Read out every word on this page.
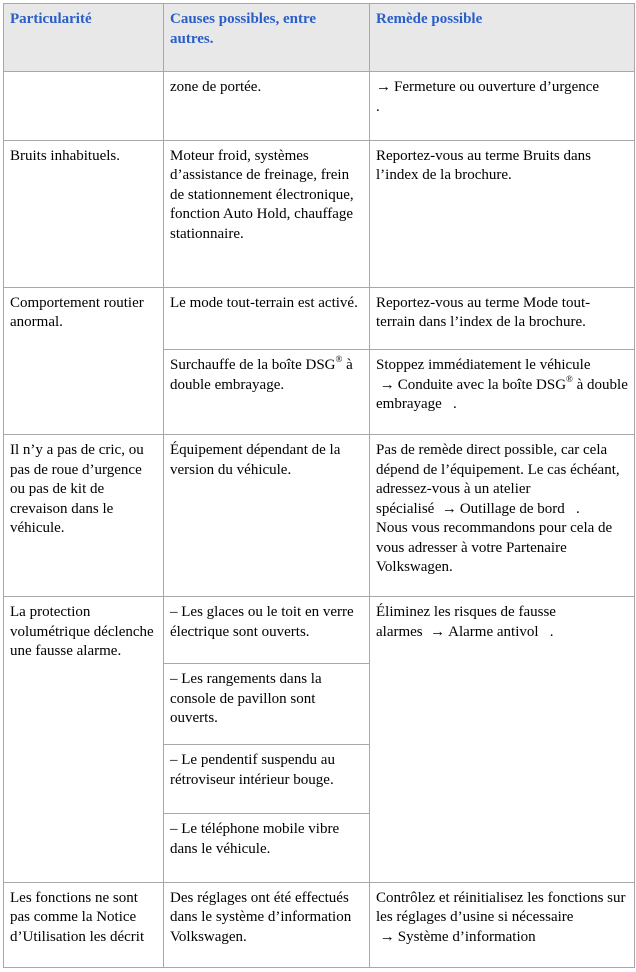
Particularité	Causes possibles, entre autres.	Remède possible
	zone de portée.	→ Fermeture ou ouverture d’urgence
.

Bruits inhabituels.	Moteur froid, systèmes d’assistance de freinage, frein de stationnement électronique, fonction Auto Hold, chauffage stationnaire.	Reportez-vous au terme Bruits dans l’index de la brochure.
Comportement routier anormal.	Le mode tout-terrain est activé.	Reportez-vous au terme Mode tout-terrain dans l’index de la brochure.
	Surchauffe de la boîte DSG® à double embrayage.	Stoppez immédiatement le véhicule
→ Conduite avec la boîte DSG® à double embrayage .

Il n’y a pas de cric, ou pas de roue d’urgence ou pas de kit de crevaison dans le véhicule.	Équipement dépendant de la version du véhicule.	Pas de remède direct possible, car cela dépend de l’équipement. Le cas échéant, adressez-vous à un atelier spécialisé → Outillage de bord .
Nous vous recommandons pour cela de vous adresser à votre Partenaire Volkswagen.

La protection volumétrique déclenche une fausse alarme.	– Les glaces ou le toit en verre électrique sont ouverts.	Éliminez les risques de fausse alarmes → Alarme antivol .
	– Les rangements dans la console de pavillon sont ouverts.	
	– Le pendentif suspendu au rétroviseur intérieur bouge.	
	– Le téléphone mobile vibre dans le véhicule.	
Les fonctions ne sont pas comme la Notice d’Utilisation les décrit	Des réglages ont été effectués dans le système d’information Volkswagen.	Contrôlez et réinitialisez les fonctions sur les réglages d’usine si nécessaire
→ Système d’information
